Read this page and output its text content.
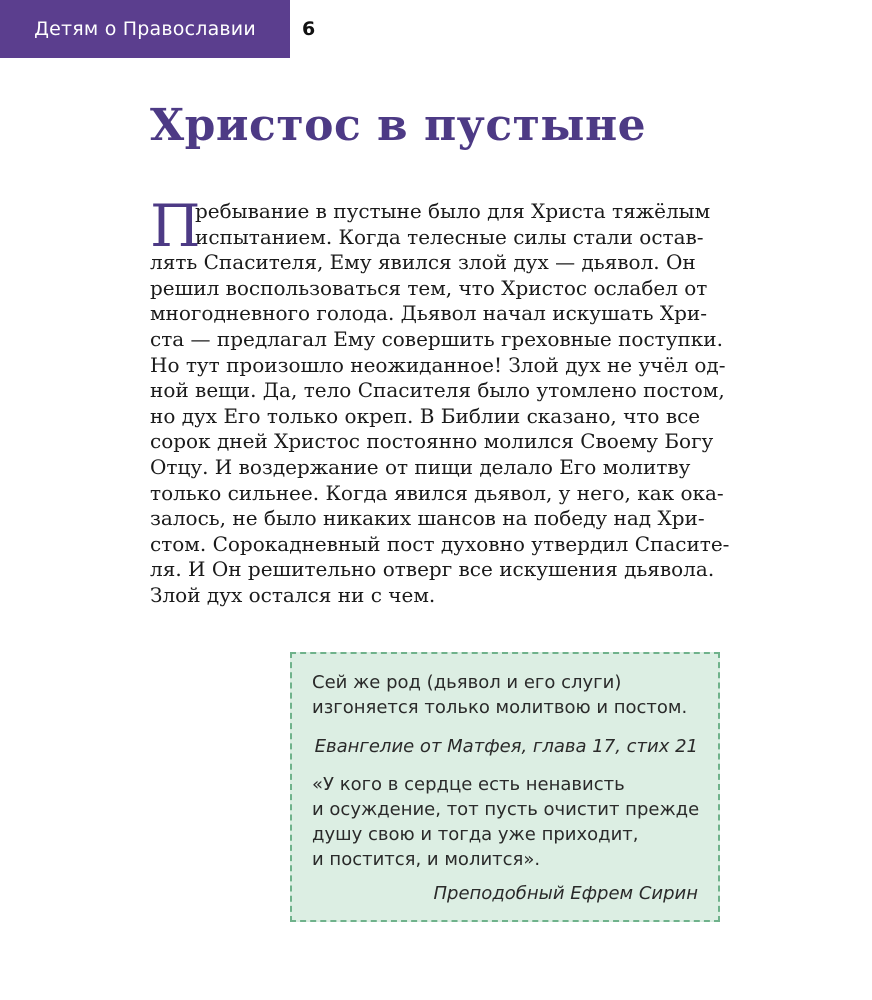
Детям о Православии 6
Христос в пустыне
П
ребывание в пустыне было для Христа тяжёлым
испытанием. Когда телесные силы стали остав-
лять Спасителя, Ему явился злой дух — дьявол. Он
решил воспользоваться тем, что Христос ослабел от
многодневного голода. Дьявол начал искушать Хри-
ста — предлагал Ему совершить греховные поступки.
Но тут произошло неожиданное! Злой дух не учёл од-
ной вещи. Да, тело Спасителя было утомлено постом,
но дух Его только окреп. В Библии сказано, что все
сорок дней Христос постоянно молился Своему Богу
Отцу. И воздержание от пищи делало Его молитву
только сильнее. Когда явился дьявол, у него, как ока-
залось, не было никаких шансов на победу над Хри-
стом. Сорокадневный пост духовно утвердил Спасите-
ля. И Он решительно отверг все искушения дьявола.
Злой дух остался ни с чем.
Сей же род (дьявол и его слуги)
изгоняется только молитвою и постом.
Евангелие от Матфея, глава 17, стих 21
«У кого в сердце есть ненависть
и осуждение, тот пусть очистит прежде
душу свою и тогда уже приходит,
и постится, и молится».
Преподобный Ефрем Сирин
